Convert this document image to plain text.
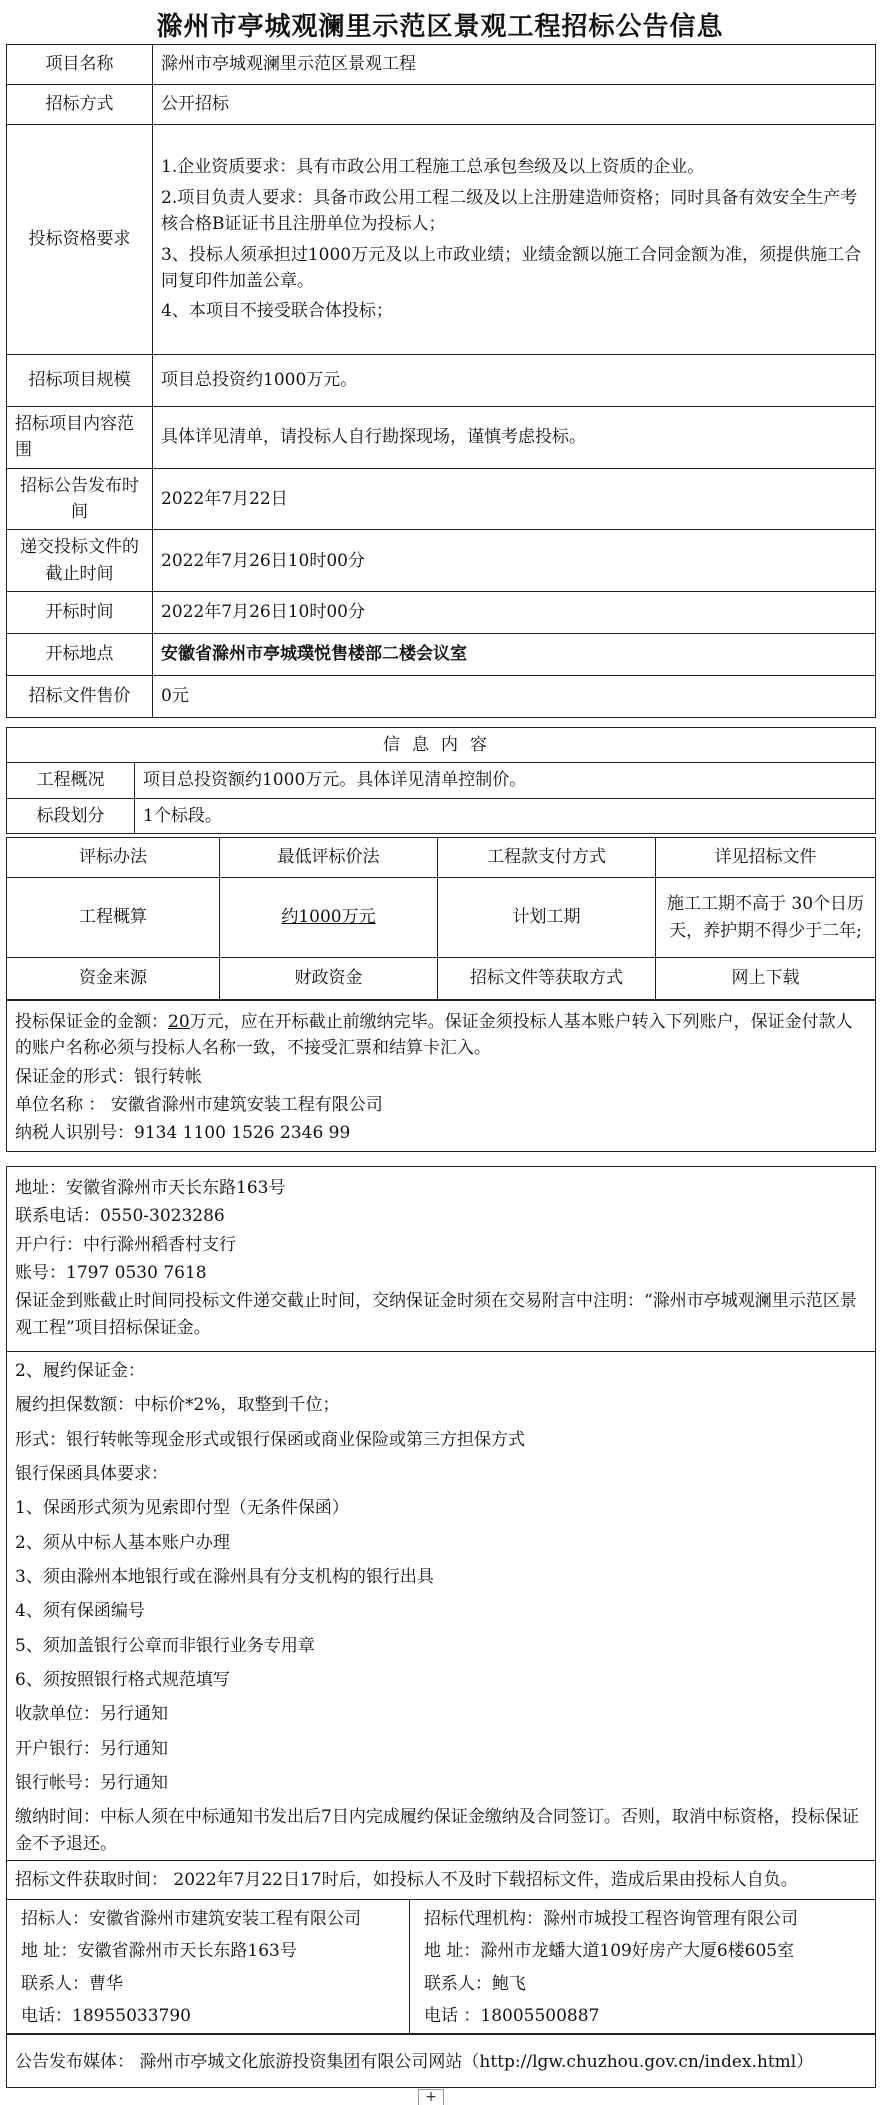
滁州市亭城观澜里示范区景观工程招标公告信息
项目名称	滁州市亭城观澜里示范区景观工程
招标方式	公开招标
投标资格要求	1.企业资质要求：具有市政公用工程施工总承包叁级及以上资质的企业。

2.项目负责人要求：具备市政公用工程二级及以上注册建造师资格；同时具备有效安全生产考核合格B证证书且注册单位为投标人；

3、投标人须承担过1000万元及以上市政业绩；业绩金额以施工合同金额为准，须提供施工合同复印件加盖公章。

4、本项目不接受联合体投标；

招标项目规模	项目总投资约1000万元。
招标项目内容范围	具体详见清单，请投标人自行勘探现场，谨慎考虑投标。
招标公告发布时间	2022年7月22日
递交投标文件的截止时间	2022年7月26日10时00分
开标时间	2022年7月26日10时00分
开标地点	安徽省滁州市亭城璞悦售楼部二楼会议室
招标文件售价	0元
信息内容	
工程概况	项目总投资额约1000万元。具体详见清单控制价。
标段划分	1个标段。
评标办法	最低评标价法	工程款支付方式	详见招标文件
工程概算	约1000万元	计划工期	施工工期不高于 30个日历天，养护期不得少于二年;
资金来源	财政资金	招标文件等获取方式	网上下载
投标保证金的金额：20万元，应在开标截止前缴纳完毕。保证金须投标人基本账户转入下列账户，保证金付款人的账户名称必须与投标人名称一致，不接受汇票和结算卡汇入。
保证金的形式：银行转帐
单位名称 ： 安徽省滁州市建筑安装工程有限公司
纳税人识别号：9134 1100 1526 2346 99
地址：安徽省滁州市天长东路163号
联系电话：0550-3023286
开户行：中行滁州稻香村支行
账号：1797 0530 7618
保证金到账截止时间同投标文件递交截止时间，交纳保证金时须在交易附言中注明：“滁州市亭城观澜里示范区景观工程”项目招标保证金。
2、履约保证金：
履约担保数额：中标价*2%，取整到千位；
形式：银行转帐等现金形式或银行保函或商业保险或第三方担保方式
银行保函具体要求：
1、保函形式须为见索即付型（无条件保函）
2、须从中标人基本账户办理
3、须由滁州本地银行或在滁州具有分支机构的银行出具
4、须有保函编号
5、须加盖银行公章而非银行业务专用章
6、须按照银行格式规范填写
收款单位：另行通知
开户银行：另行通知
银行帐号：另行通知
缴纳时间：中标人须在中标通知书发出后7日内完成履约保证金缴纳及合同签订。否则，取消中标资格，投标保证金不予退还。
招标文件获取时间： 2022年7月22日17时后，如投标人不及时下载招标文件，造成后果由投标人自负。
招标人：安徽省滁州市建筑安装工程有限公司
地 址：安徽省滁州市天长东路163号
联系人：曹华
电话：18955033790

招标代理机构：滁州市城投工程咨询管理有限公司
地 址：滁州市龙蟠大道109好房产大厦6楼605室
联系人：鲍飞
电话 ：18005500887
公告发布媒体： 滁州市亭城文化旅游投资集团有限公司网站（http://lgw.chuzhou.gov.cn/index.html）
+
